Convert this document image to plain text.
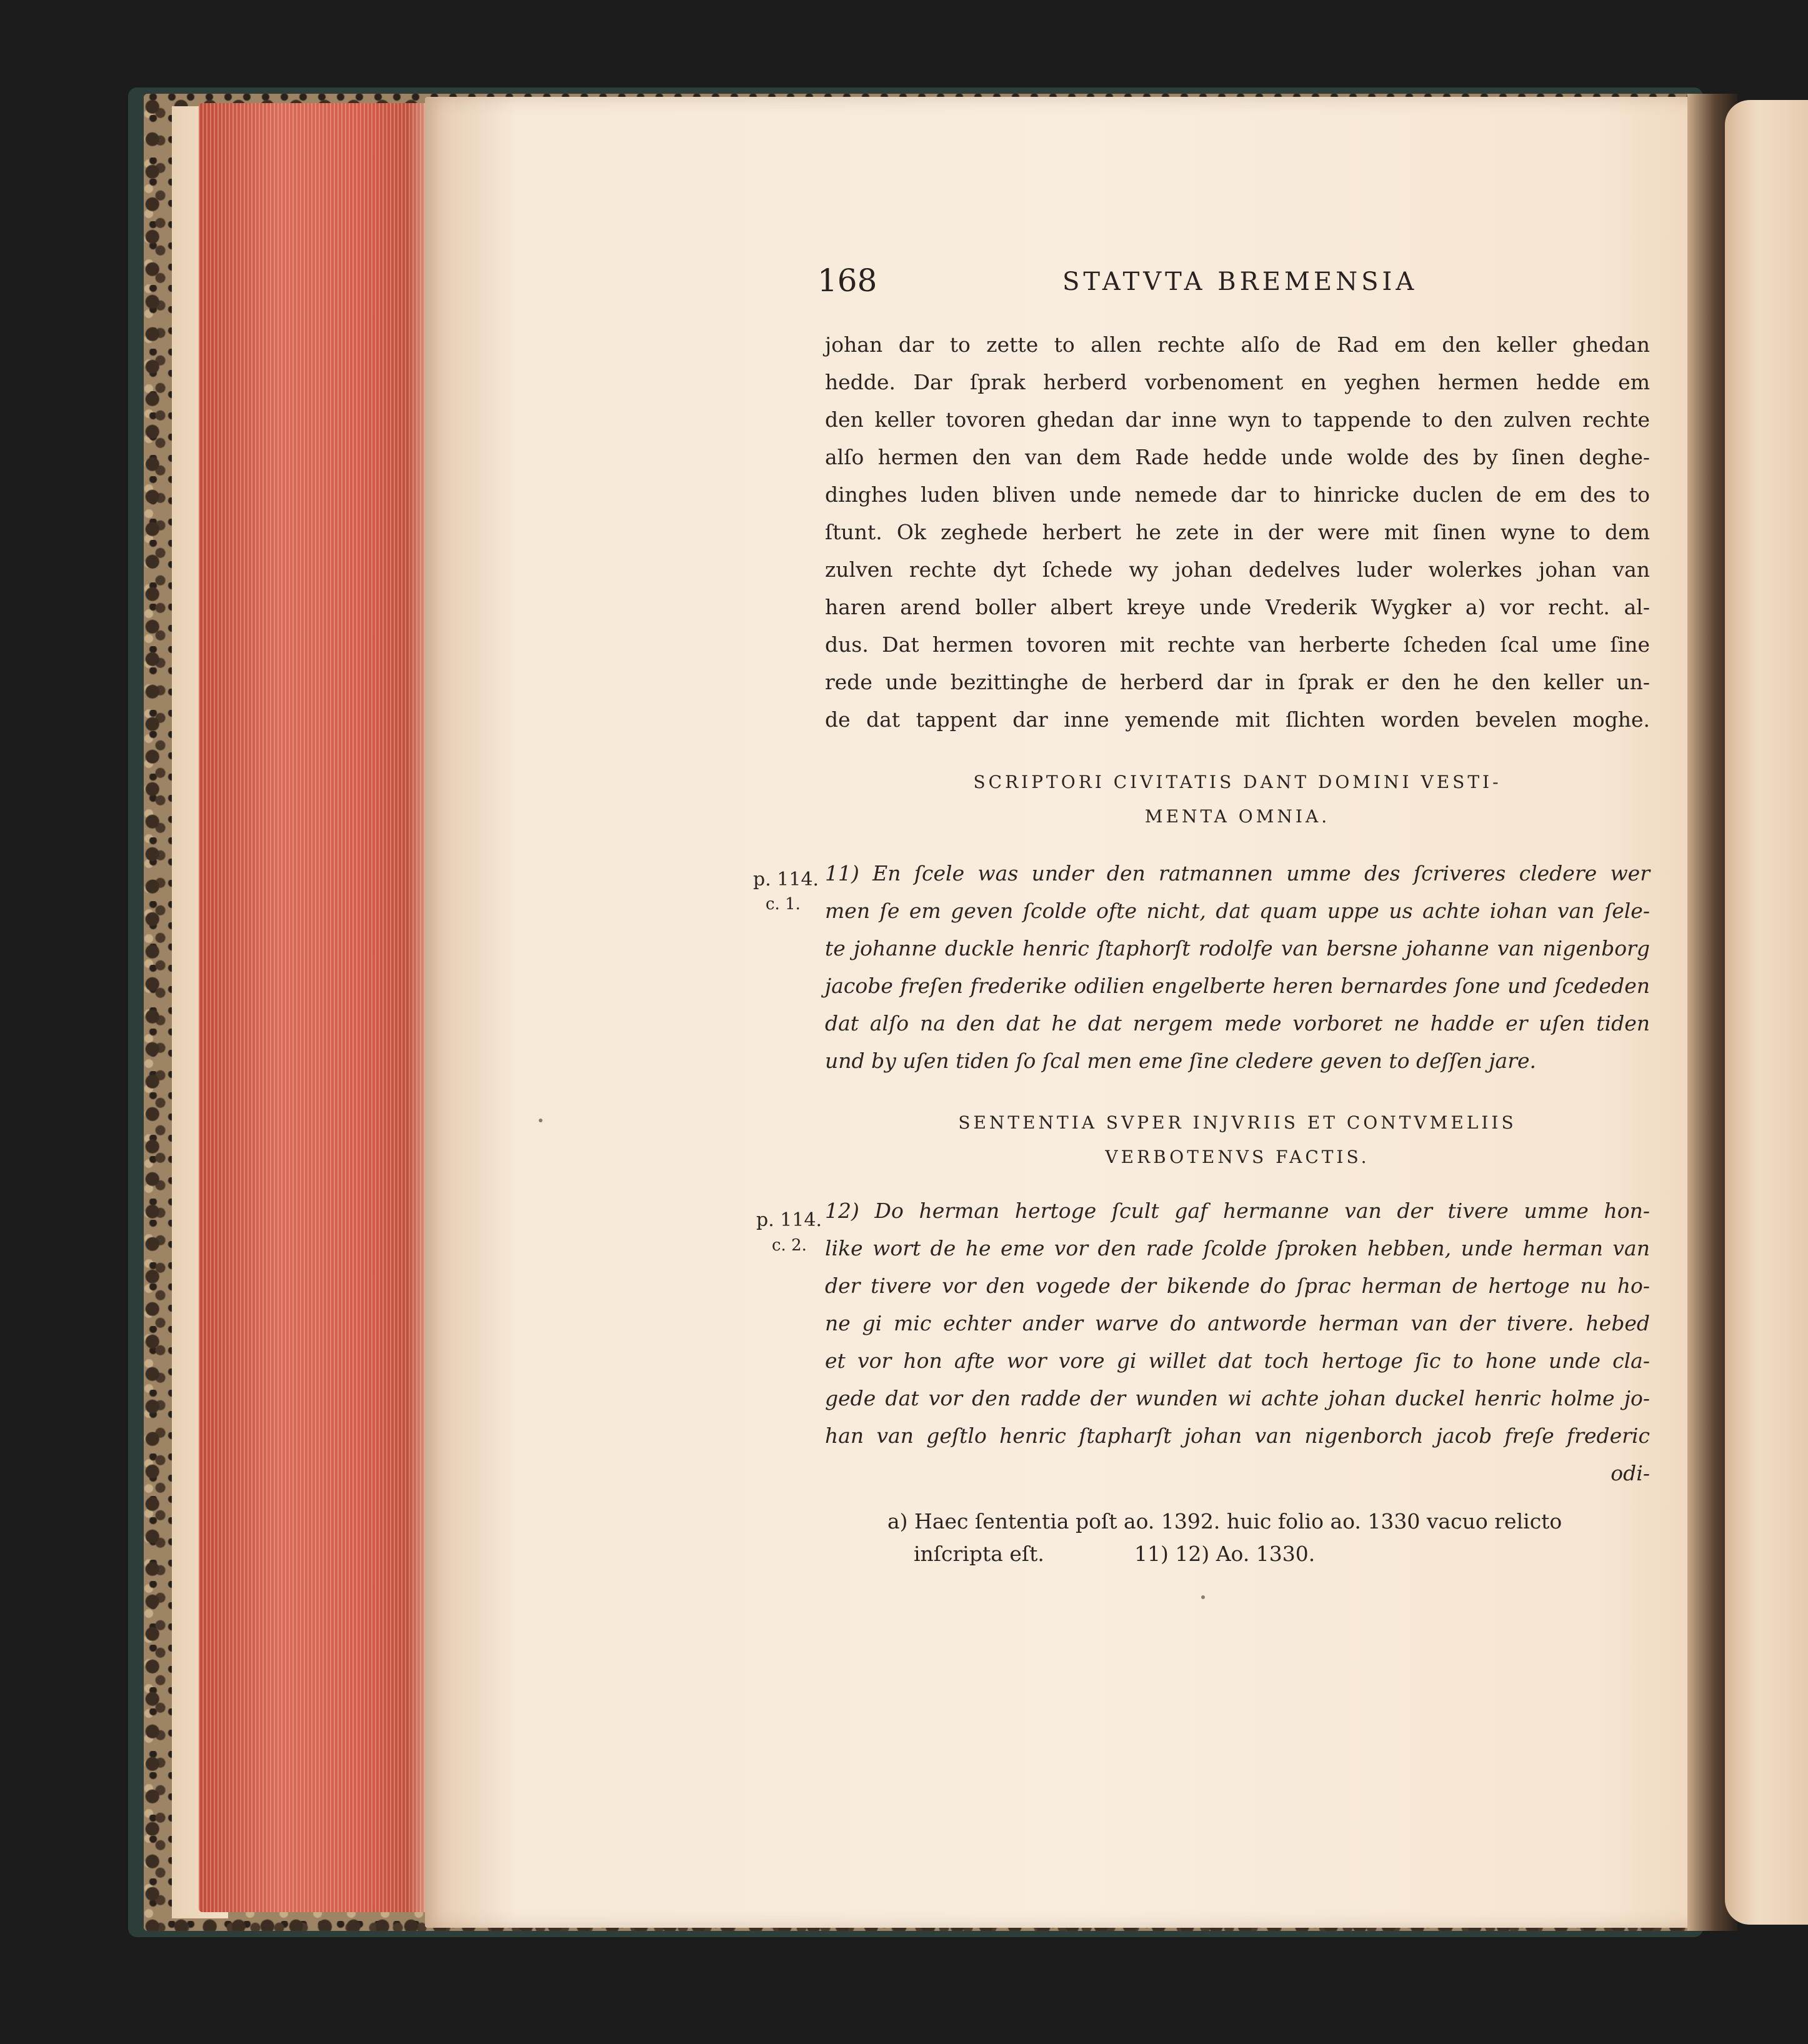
168	STATVTA BREMENSIA
johan dar to zette to allen rechte alſo de Rad em den keller ghedan
hedde. Dar ſprak herberd vorbenoment en yeghen hermen hedde em
den keller tovoren ghedan dar inne wyn to tappende to den zulven rechte
alſo hermen den van dem Rade hedde unde wolde des by ſinen deghe-
dinghes luden bliven unde nemede dar to hinricke duclen de em des to
ſtunt. Ok zeghede herbert he zete in der were mit ſinen wyne to dem
zulven rechte dyt ſchede wy johan dedelves luder wolerkes johan van
haren arend boller albert kreye unde Vrederik Wygker a) vor recht. al-
dus. Dat hermen tovoren mit rechte van herberte ſcheden ſcal ume ſine
rede unde bezittinghe de herberd dar in ſprak er den he den keller un-
de dat tappent dar inne yemende mit ſlichten worden bevelen moghe.
SCRIPTORI CIVITATIS DANT DOMINI VESTI-
MENTA OMNIA.
p. 114.
c. 1.
11) En ſcele was under den ratmannen umme des ſcriveres cledere wer
men ſe em geven ſcolde ofte nicht, dat quam uppe us achte iohan van ſele-
te johanne duckle henric ſtaphorſt rodolfe van bersne johanne van nigenborg
jacobe freſen frederike odilien engelberte heren bernardes ſone und ſcededen
dat alſo na den dat he dat nergem mede vorboret ne hadde er uſen tiden
und by uſen tiden ſo ſcal men eme ſine cledere geven to deſſen jare.
SENTENTIA SVPER INJVRIIS ET CONTVMELIIS
VERBOTENVS FACTIS.
p. 114.
c. 2.
12) Do herman hertoge ſcult gaf hermanne van der tivere umme hon-
like wort de he eme vor den rade ſcolde ſproken hebben, unde herman van
der tivere vor den vogede der bikende do ſprac herman de hertoge nu ho-
ne gi mic echter ander warve do antworde herman van der tivere. hebed
et vor hon afte wor vore gi willet dat toch hertoge ſic to hone unde cla-
gede dat vor den radde der wunden wi achte johan duckel henric holme jo-
han van geſtlo henric ſtapharſt johan van nigenborch jacob freſe frederic
odi-
a) Haec ſententia poſt ao. 1392. huic folio ao. 1330 vacuo relicto
inſcripta eſt.	11) 12) Ao. 1330.
